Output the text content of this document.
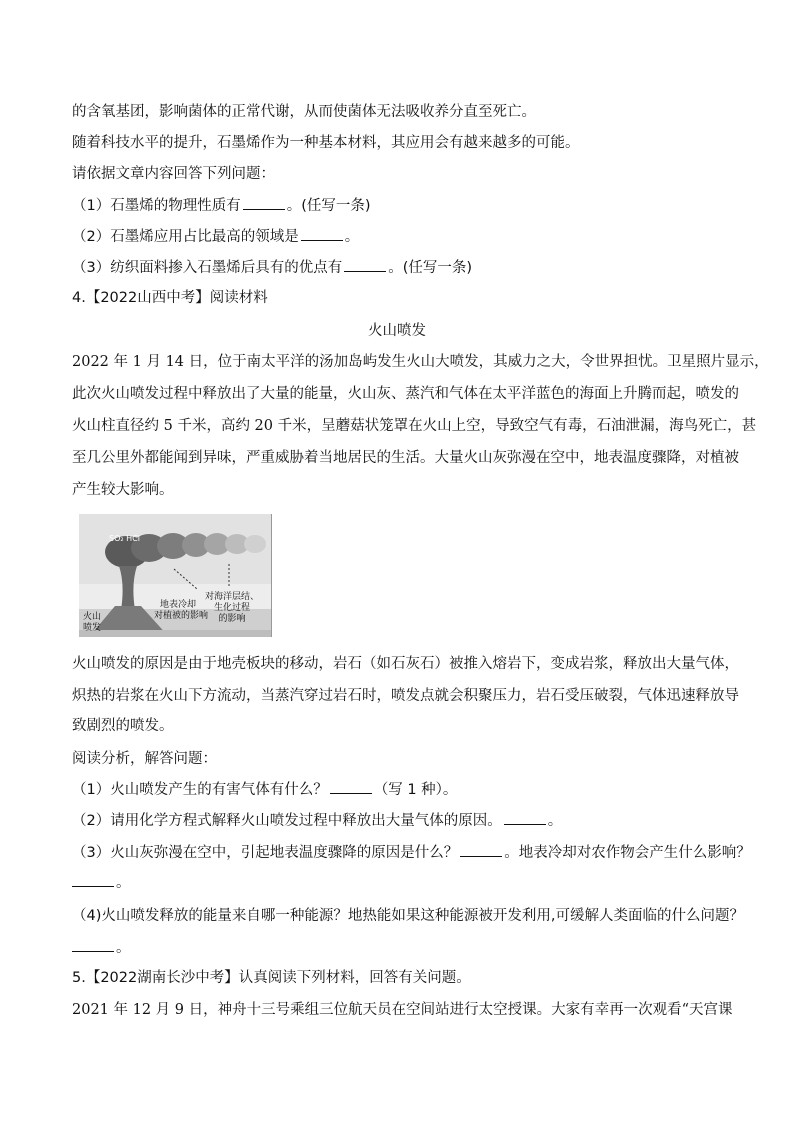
的含氧基团，影响菌体的正常代谢，从而使菌体无法吸收养分直至死亡。
随着科技水平的提升，石墨烯作为一种基本材料，其应用会有越来越多的可能。
请依据文章内容回答下列问题：
（1）石墨烯的物理性质有	。(任写一条)
（2）石墨烯应用占比最高的领域是	。
（3）纺织面料掺入石墨烯后具有的优点有	。(任写一条)
4.【2022山西中考】阅读材料
火山喷发
2022 年 1 月 14 日，位于南太平洋的汤加岛屿发生火山大喷发，其威力之大，令世界担忧。卫星照片显示，
此次火山喷发过程中释放出了大量的能量，火山灰、蒸汽和气体在太平洋蓝色的海面上升腾而起，喷发的
火山柱直径约 5 千米，高约 20 千米，呈蘑菇状笼罩在火山上空，导致空气有毒，石油泄漏，海鸟死亡，甚
至几公里外都能闻到异味，严重威胁着当地居民的生活。大量火山灰弥漫在空中，地表温度骤降，对植被
产生较大影响。
SO₂ HCl
火山
喷发
地表冷却
对植被的影响
对海洋层结、
生化过程
的影响
火山喷发的原因是由于地壳板块的移动，岩石（如石灰石）被推入熔岩下，变成岩浆，释放出大量气体，
炽热的岩浆在火山下方流动，当蒸汽穿过岩石时，喷发点就会积聚压力，岩石受压破裂，气体迅速释放导
致剧烈的喷发。
阅读分析，解答问题：
（1）火山喷发产生的有害气体有什么？	（写 1 种）。
（2）请用化学方程式解释火山喷发过程中释放出大量气体的原因。	。
（3）火山灰弥漫在空中，引起地表温度骤降的原因是什么？	。地表冷却对农作物会产生什么影响？
。
（4)火山喷发释放的能量来自哪一种能源？地热能如果这种能源被开发利用,可缓解人类面临的什么问题？
。
5.【2022湖南长沙中考】认真阅读下列材料，回答有关问题。
2021 年 12 月 9 日，神舟十三号乘组三位航天员在空间站进行太空授课。大家有幸再一次观看“天宫课
